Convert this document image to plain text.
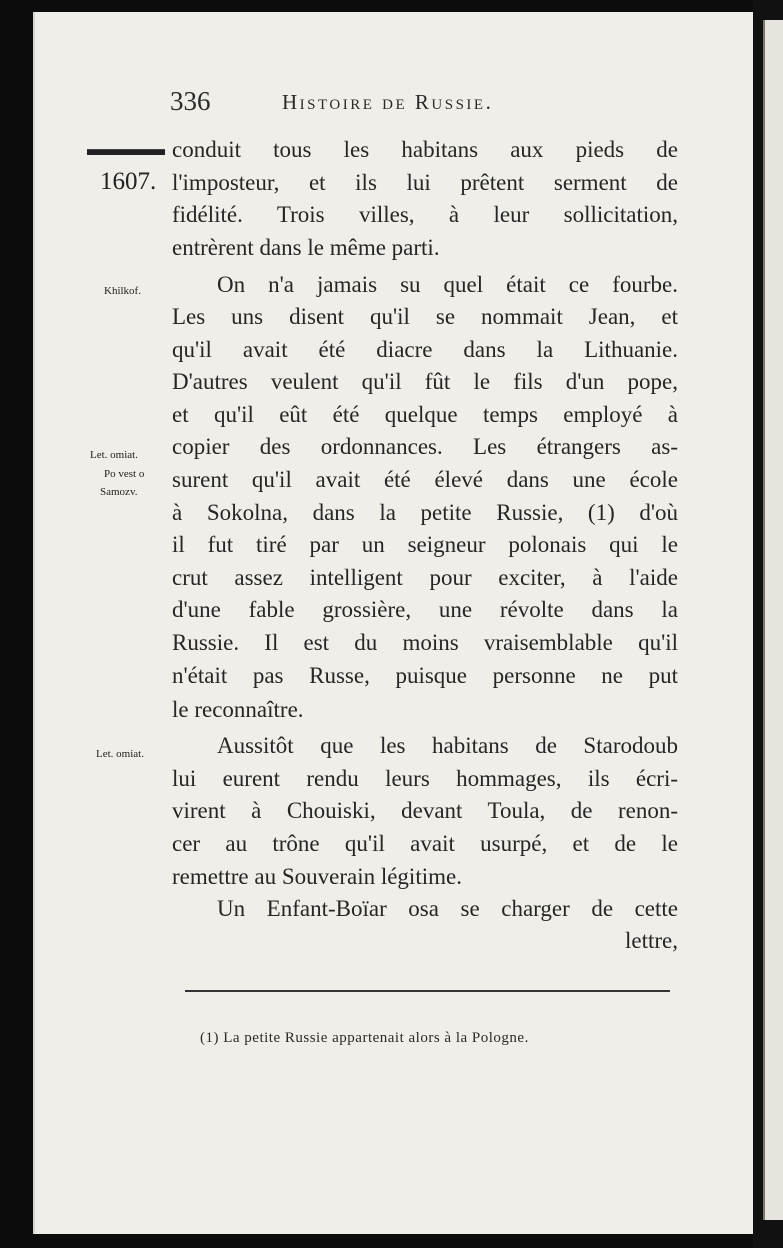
336	Histoire de Russie.
1607.
Khilkof.
Let. omiat.
Po vest o
Samozv.
Let. omiat.
conduit tous les habitans aux pieds de
l'imposteur, et ils lui prêtent serment de
fidélité. Trois villes, à leur sollicitation,
entrèrent dans le même parti.
On n'a jamais su quel était ce fourbe.
Les uns disent qu'il se nommait Jean, et
qu'il avait été diacre dans la Lithuanie.
D'autres veulent qu'il fût le fils d'un pope,
et qu'il eût été quelque temps employé à
copier des ordonnances. Les étrangers as-
surent qu'il avait été élevé dans une école
à Sokolna, dans la petite Russie, (1) d'où
il fut tiré par un seigneur polonais qui le
crut assez intelligent pour exciter, à l'aide
d'une fable grossière, une révolte dans la
Russie. Il est du moins vraisemblable qu'il
n'était pas Russe, puisque personne ne put
le reconnaître.
Aussitôt que les habitans de Starodoub
lui eurent rendu leurs hommages, ils écri-
virent à Chouiski, devant Toula, de renon-
cer au trône qu'il avait usurpé, et de le
remettre au Souverain légitime.
Un Enfant-Boïar osa se charger de cette
lettre,
(1) La petite Russie appartenait alors à la Pologne.
